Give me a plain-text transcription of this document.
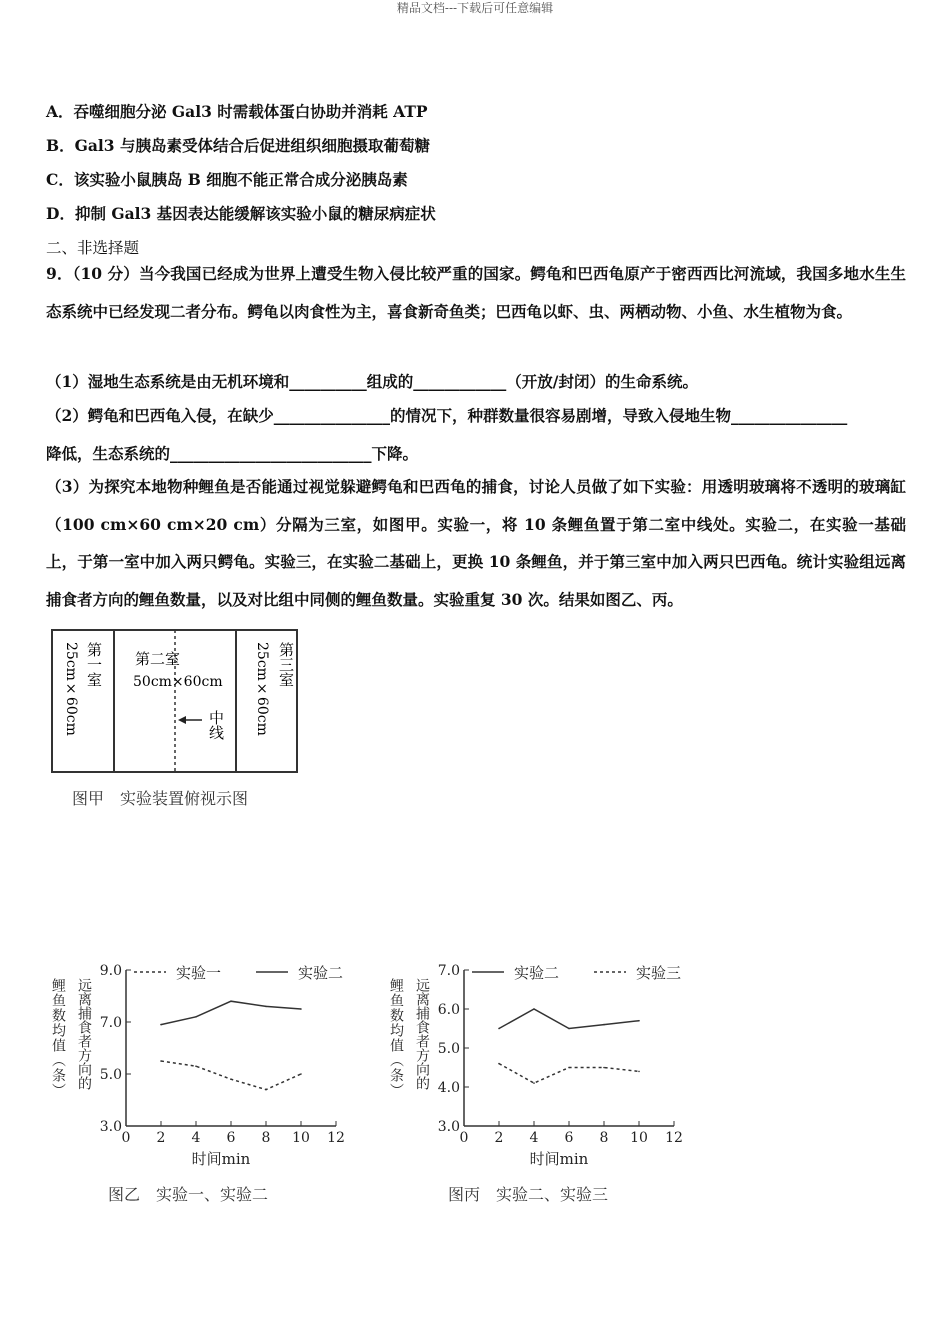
精品文档---下载后可任意编辑
A．吞噬细胞分泌 Gal3 时需载体蛋白协助并消耗 ATP
B．Gal3 与胰岛素受体结合后促进组织细胞摄取葡萄糖
C．该实验小鼠胰岛 B 细胞不能正常合成分泌胰岛素
D．抑制 Gal3 基因表达能缓解该实验小鼠的糖尿病症状
二、非选择题
9．（10 分）当今我国已经成为世界上遭受生物入侵比较严重的国家。鳄龟和巴西龟原产于密西西比河流域，我国多地水生生态系统中已经发现二者分布。鳄龟以肉食性为主，喜食新奇鱼类；巴西龟以虾、虫、两栖动物、小鱼、水生植物为食。
（1）湿地生态系统是由无机环境和__________组成的____________（开放/封闭）的生命系统。
（2）鳄龟和巴西龟入侵，在缺少_______________的情况下，种群数量很容易剧增，导致入侵地生物_______________
降低，生态系统的__________________________下降。
（3）为探究本地物种鲤鱼是否能通过视觉躲避鳄龟和巴西龟的捕食，讨论人员做了如下实验：用透明玻璃将不透明的玻璃缸（100 cm×60 cm×20 cm）分隔为三室，如图甲。实验一，将 10 条鲤鱼置于第二室中线处。实验二，在实验一基础上，于第一室中加入两只鳄龟。实验三，在实验二基础上，更换 10 条鲤鱼，并于第三室中加入两只巴西龟。统计实验组远离捕食者方向的鲤鱼数量，以及对比组中同侧的鲤鱼数量。实验重复 30 次。结果如图乙、丙。
第一室
25cm×60cm	第二室
50cm×60cm	第三室
25cm×60cm
中线
图甲　实验装置俯视示图
3.0
5.0
7.0
9.0
0 2 4 6 8 10 12
时间min
鲤鱼数均值（条） 远离捕食者方向的
实验一	实验二
图乙　实验一、实验二
3.0
4.0
5.0
6.0
7.0
0 2 4 6 8 10 12
时间min
鲤鱼数均值（条） 远离捕食者方向的
实验二	实验三
图丙　实验二、实验三
